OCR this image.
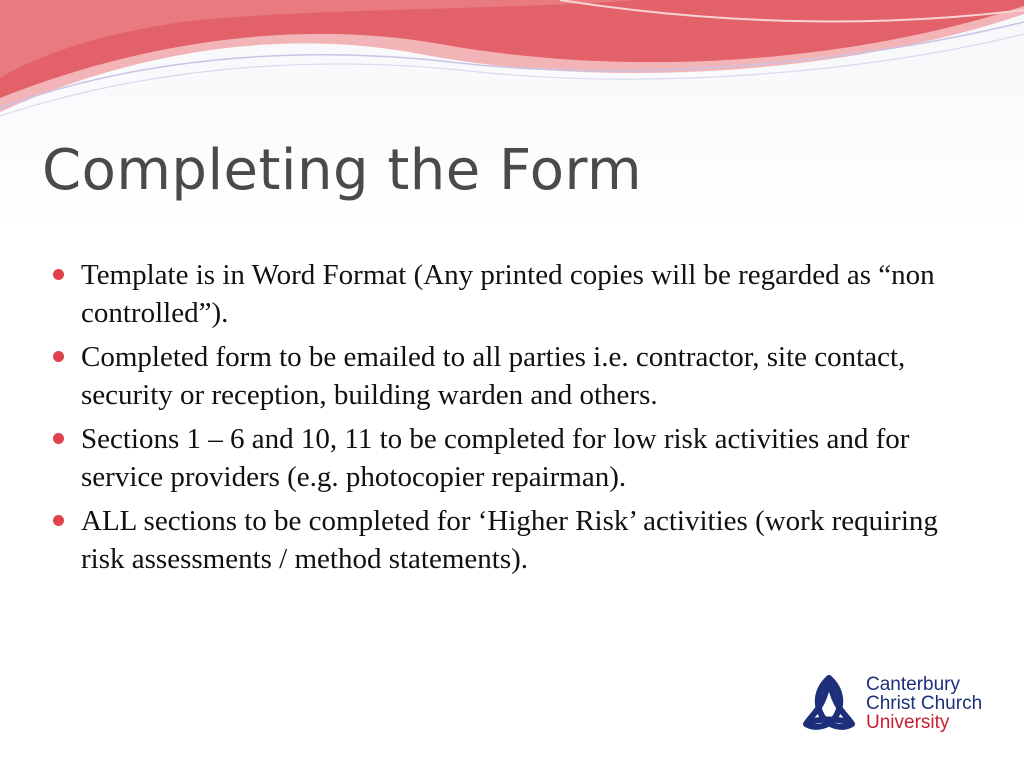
Completing the Form
Template is in Word Format (Any printed copies will be regarded as “non controlled”).
Completed form to be emailed to all parties i.e. contractor, site contact, security or reception, building warden and others.
Sections 1 – 6 and 10, 11 to be completed for low risk activities and for service providers (e.g. photocopier repairman).
ALL sections to be completed for ‘Higher Risk’ activities (work requiring risk assessments / method statements).
Canterbury
Christ Church
University
